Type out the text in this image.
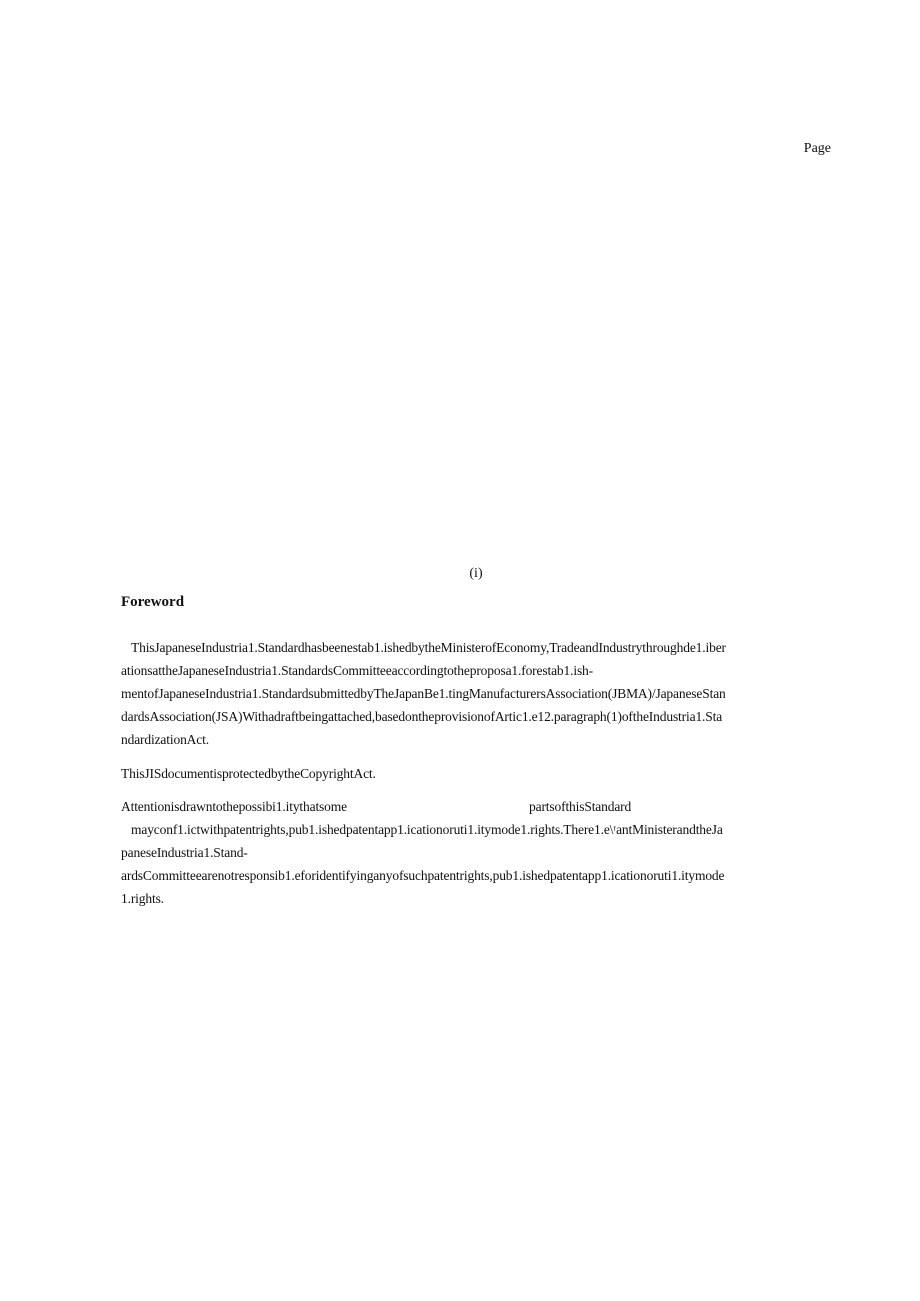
Page
(i)
Foreword
ThisJapaneseIndustria1.Standardhasbeenestab1.ishedbytheMinisterofEconomy,TradeandIndustrythroughde1.iber
ationsattheJapaneseIndustria1.StandardsCommitteeaccordingtotheproposa1.forestab1.ish-
mentofJapaneseIndustria1.StandardsubmittedbyTheJapanBe1.tingManufacturersAssociation(JBMA)/JapaneseStan
dardsAssociation(JSA)Withadraftbeingattached,basedontheprovisionofArtic1.e12.paragraph(1)oftheIndustria1.Sta
ndardizationAct.
ThisJISdocumentisprotectedbytheCopyrightAct.
Attentionisdrawntothepossibi1.itythatsome	partsofthisStandard
mayconf1.ictwithpatentrights,pub1.ishedpatentapp1.icationoruti1.itymode1.rights.There1.e\ʳantMinisterandtheJa
paneseIndustria1.Stand-
ardsCommitteearenotresponsib1.eforidentifyinganyofsuchpatentrights,pub1.ishedpatentapp1.icationoruti1.itymode
1.rights.
